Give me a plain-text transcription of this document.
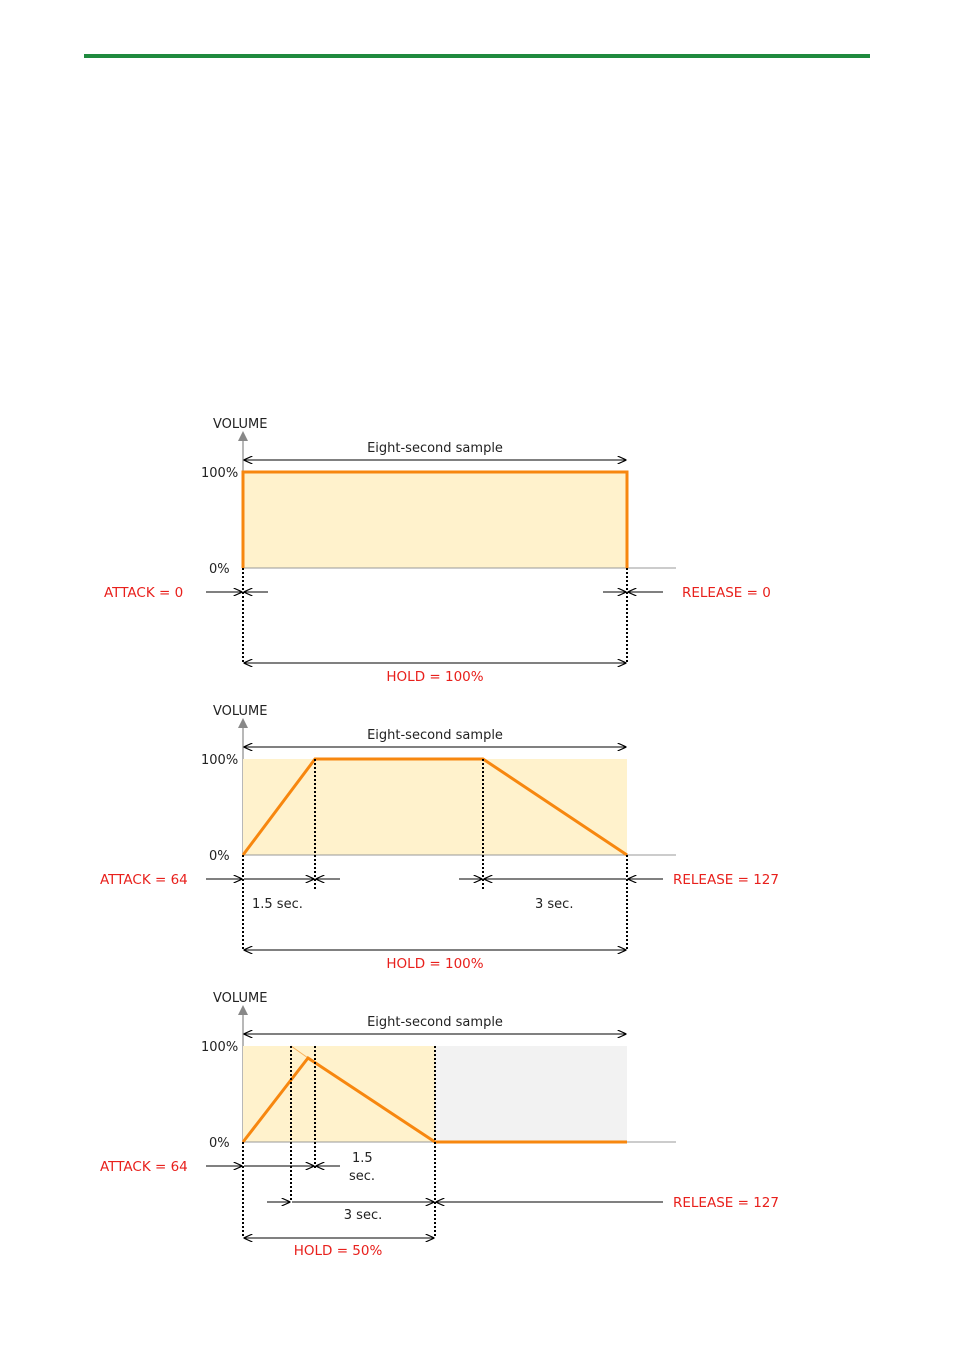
VOLUME
100%
0%
Eight-second sample
ATTACK = 0	RELEASE = 0
HOLD = 100%
VOLUME
100%
0%
Eight-second sample
ATTACK = 64	RELEASE = 127
1.5 sec.	3 sec.
HOLD = 100%
VOLUME
100%
0%
Eight-second sample
ATTACK = 64
1.5
sec.
RELEASE = 127
3 sec.
HOLD = 50%
